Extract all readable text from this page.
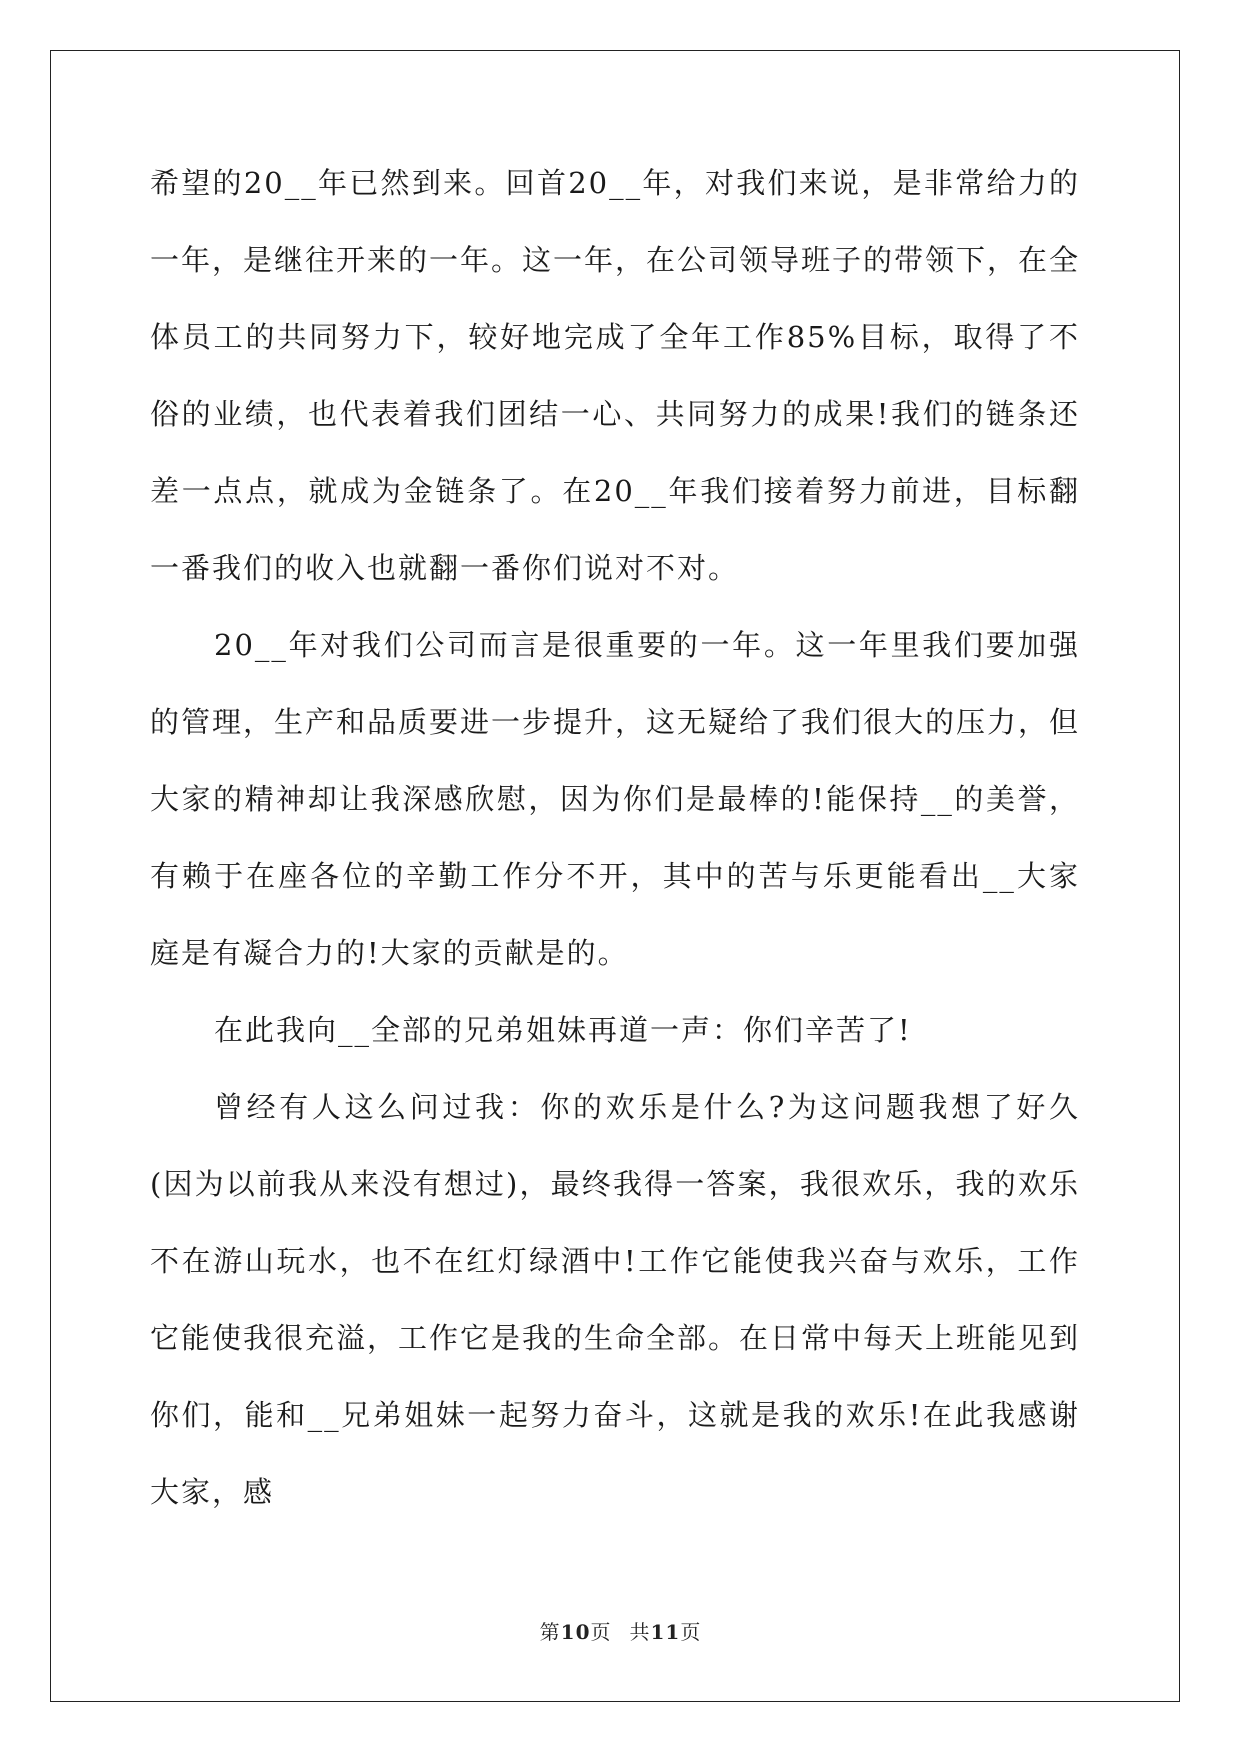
希望的20__年已然到来。回首20__年，对我们来说，是非常给力的一年，是继往开来的一年。这一年，在公司领导班子的带领下，在全体员工的共同努力下，较好地完成了全年工作85%目标，取得了不俗的业绩，也代表着我们团结一心、共同努力的成果!我们的链条还差一点点，就成为金链条了。在20__年我们接着努力前进，目标翻一番我们的收入也就翻一番你们说对不对。

20__年对我们公司而言是很重要的一年。这一年里我们要加强的管理，生产和品质要进一步提升，这无疑给了我们很大的压力，但大家的精神却让我深感欣慰，因为你们是最棒的!能保持__的美誉，有赖于在座各位的辛勤工作分不开，其中的苦与乐更能看出__大家庭是有凝合力的!大家的贡献是的。

在此我向__全部的兄弟姐妹再道一声：你们辛苦了!

曾经有人这么问过我：你的欢乐是什么?为这问题我想了好久(因为以前我从来没有想过)，最终我得一答案，我很欢乐，我的欢乐不在游山玩水，也不在红灯绿酒中!工作它能使我兴奋与欢乐，工作它能使我很充溢，工作它是我的生命全部。在日常中每天上班能见到你们，能和__兄弟姐妹一起努力奋斗，这就是我的欢乐!在此我感谢大家，感

第10页 共11页
